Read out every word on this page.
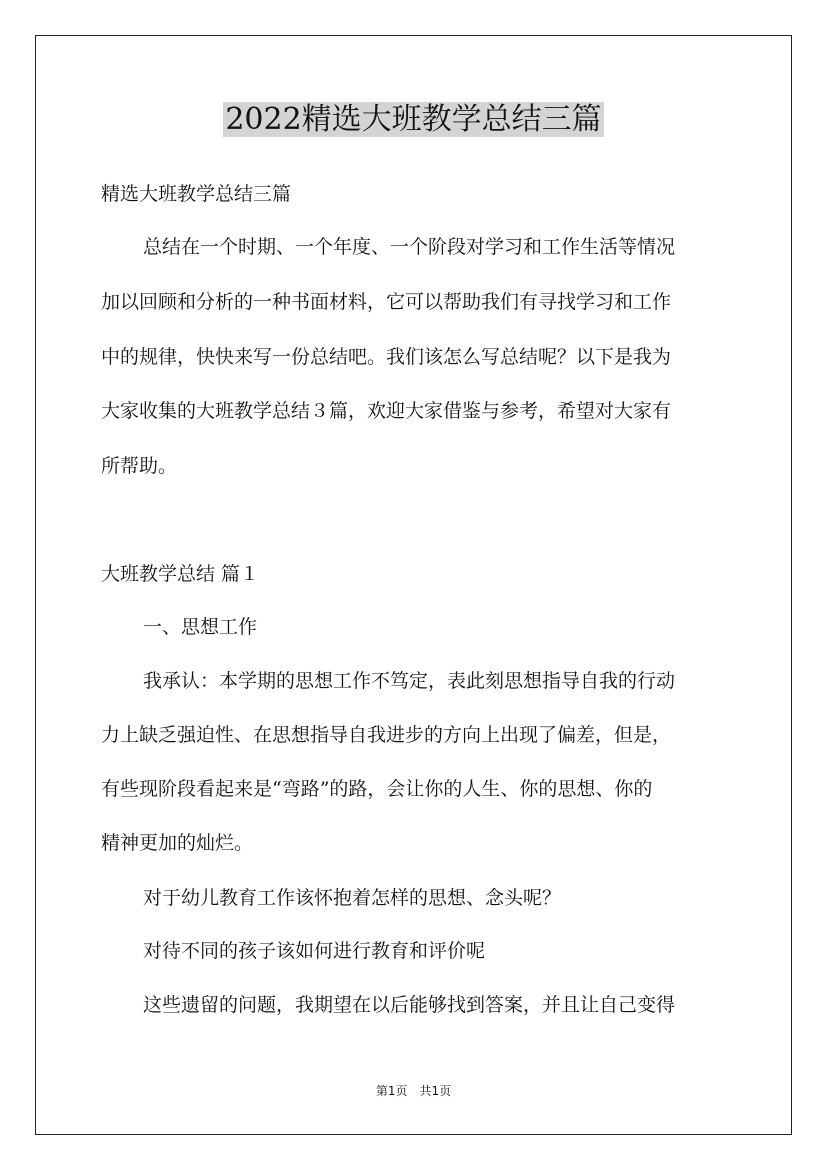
2022精选大班教学总结三篇
精选大班教学总结三篇
总结在一个时期、一个年度、一个阶段对学习和工作生活等情况
加以回顾和分析的一种书面材料，它可以帮助我们有寻找学习和工作
中的规律，快快来写一份总结吧。我们该怎么写总结呢？以下是我为
大家收集的大班教学总结３篇，欢迎大家借鉴与参考，希望对大家有
所帮助。
大班教学总结 篇１
一、思想工作
我承认：本学期的思想工作不笃定，表此刻思想指导自我的行动
力上缺乏强迫性、在思想指导自我进步的方向上出现了偏差，但是，
有些现阶段看起来是“弯路”的路，会让你的人生、你的思想、你的
精神更加的灿烂。
对于幼儿教育工作该怀抱着怎样的思想、念头呢？
对待不同的孩子该如何进行教育和评价呢
这些遗留的问题，我期望在以后能够找到答案，并且让自己变得
第1页　共1页
